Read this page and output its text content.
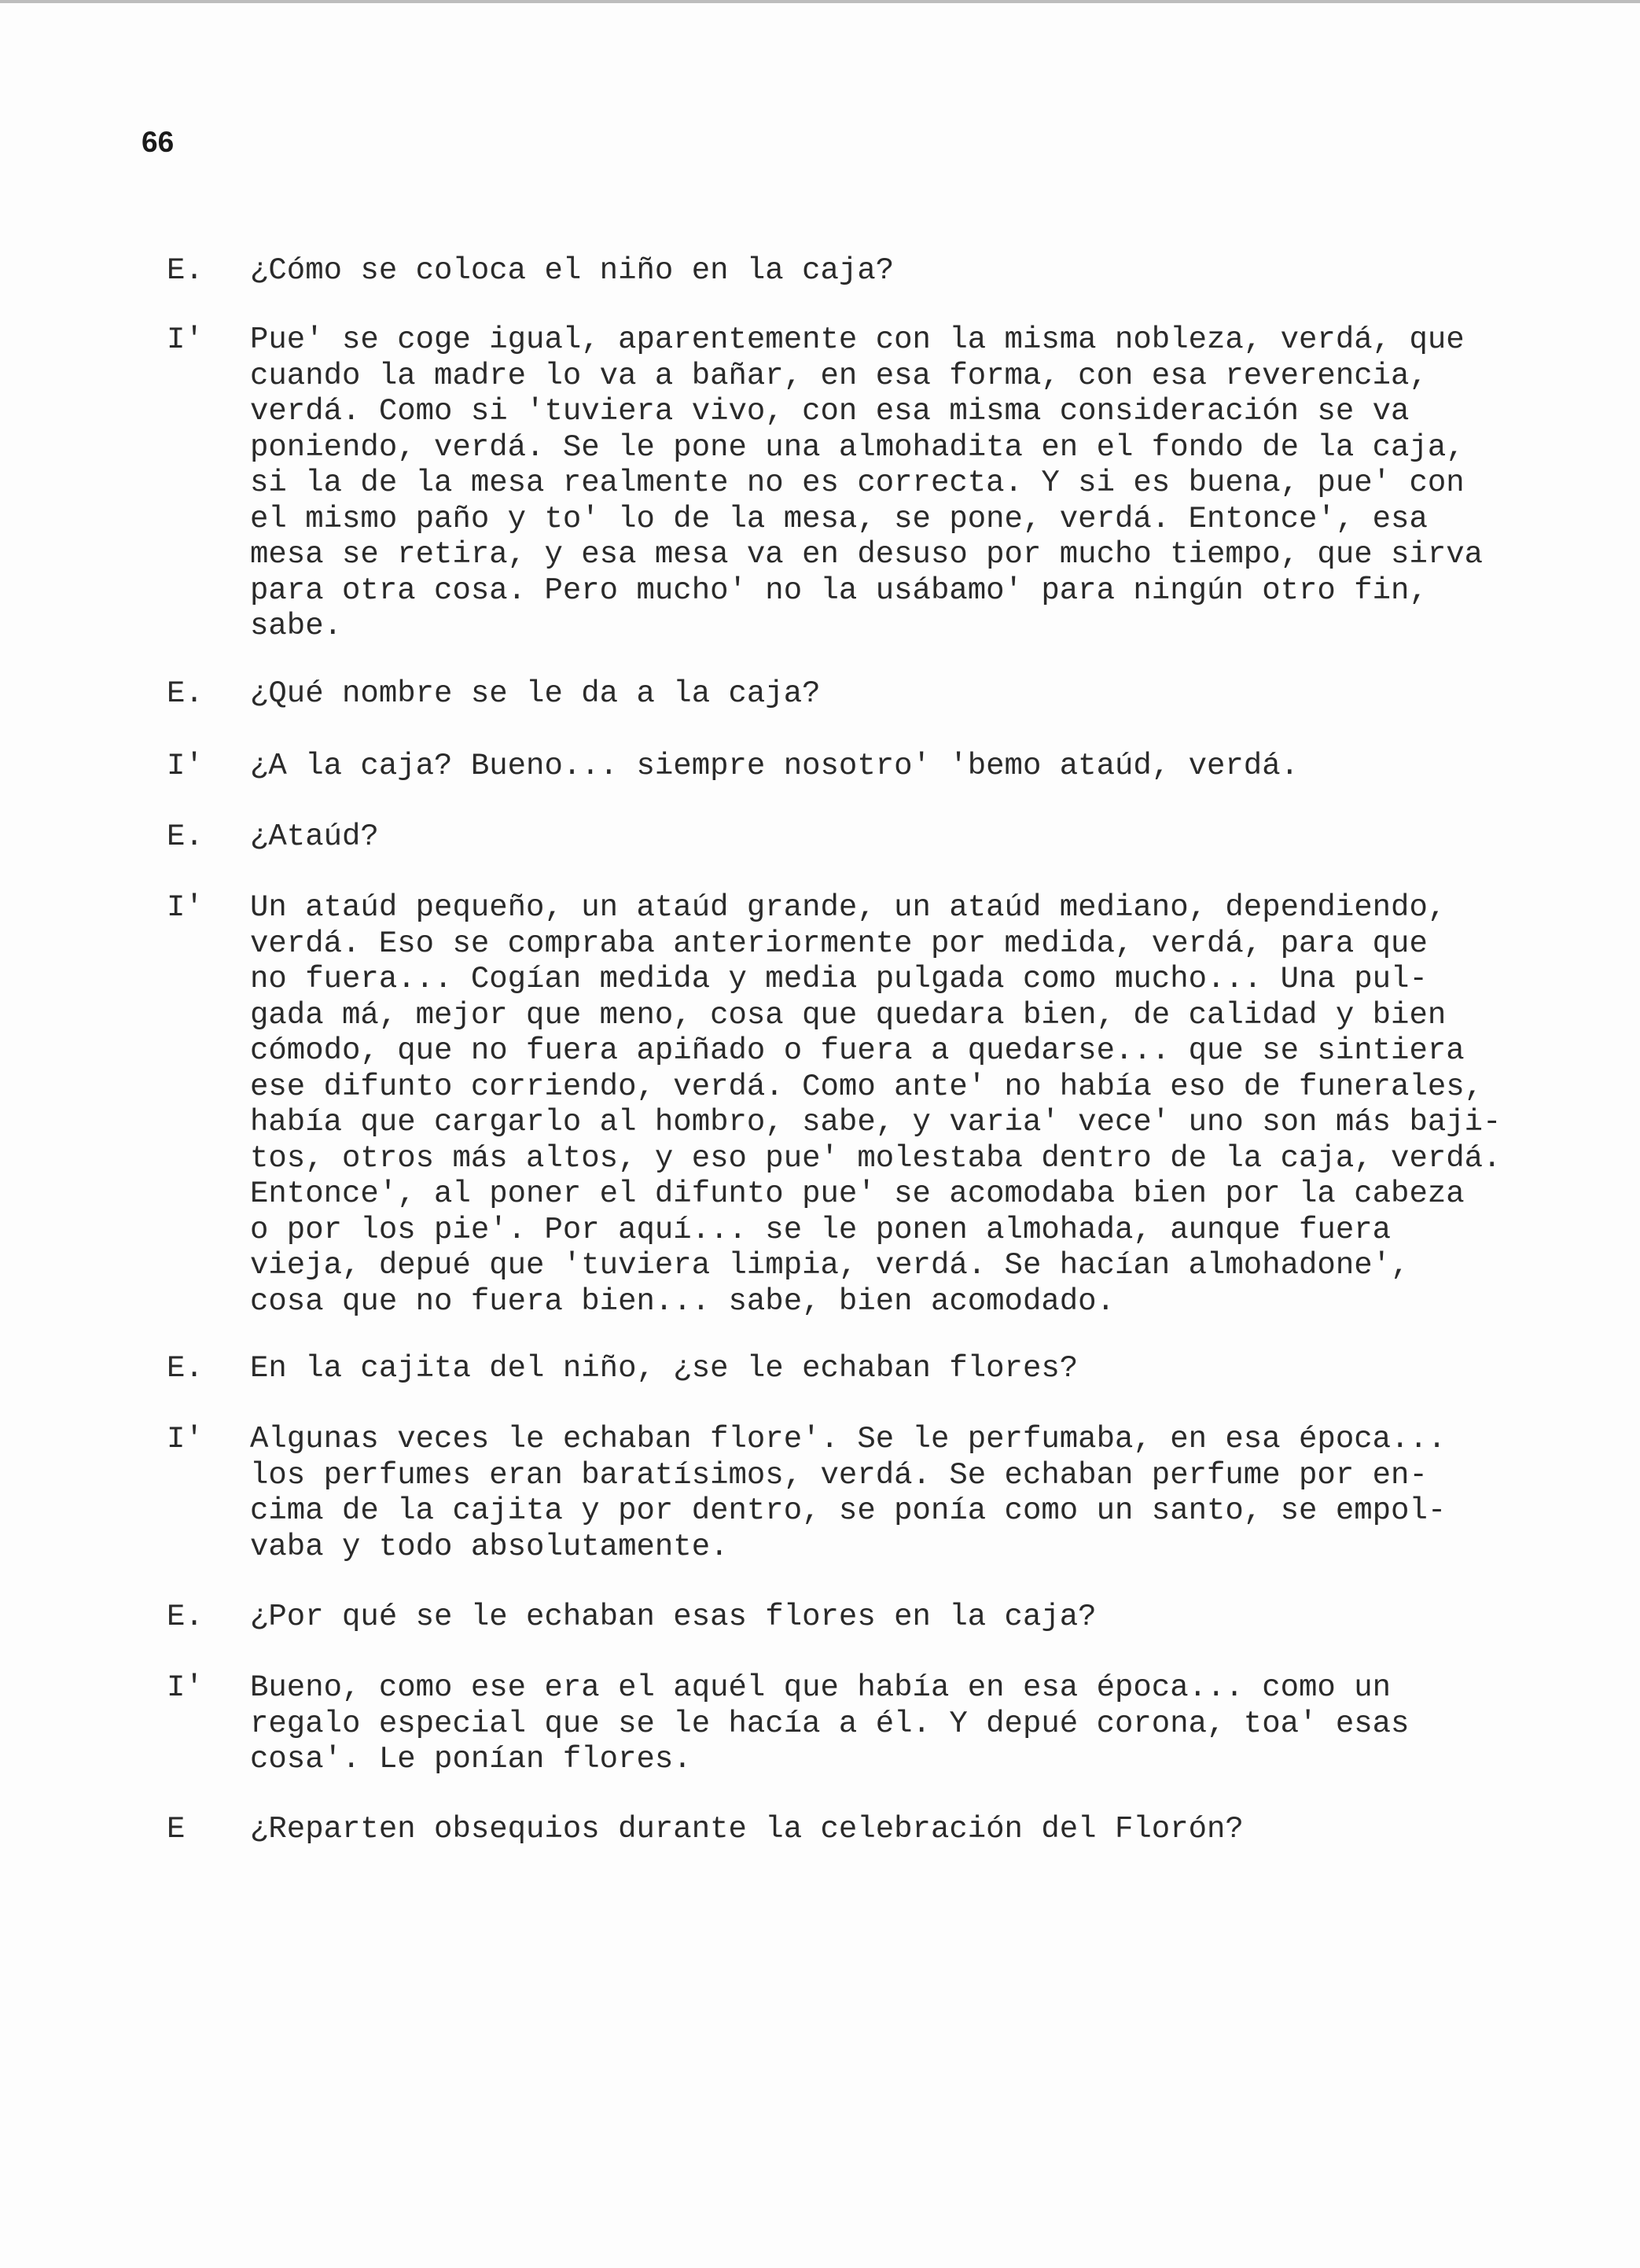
66
E. ¿Cómo se coloca el niño en la caja?
I' Pue' se coge igual, aparentemente con la misma nobleza, verdá, que
cuando la madre lo va a bañar, en esa forma, con esa reverencia,
verdá. Como si 'tuviera vivo, con esa misma consideración se va
poniendo, verdá. Se le pone una almohadita en el fondo de la caja,
si la de la mesa realmente no es correcta. Y si es buena, pue' con
el mismo paño y to' lo de la mesa, se pone, verdá. Entonce', esa
mesa se retira, y esa mesa va en desuso por mucho tiempo, que sirva
para otra cosa. Pero mucho' no la usábamo' para ningún otro fin,
sabe.
E. ¿Qué nombre se le da a la caja?
I' ¿A la caja? Bueno... siempre nosotro' 'bemo ataúd, verdá.
E. ¿Ataúd?
I' Un ataúd pequeño, un ataúd grande, un ataúd mediano, dependiendo,
verdá. Eso se compraba anteriormente por medida, verdá, para que
no fuera... Cogían medida y media pulgada como mucho... Una pul-
gada má, mejor que meno, cosa que quedara bien, de calidad y bien
cómodo, que no fuera apiñado o fuera a quedarse... que se sintiera
ese difunto corriendo, verdá. Como ante' no había eso de funerales,
había que cargarlo al hombro, sabe, y varia' vece' uno son más baji-
tos, otros más altos, y eso pue' molestaba dentro de la caja, verdá.
Entonce', al poner el difunto pue' se acomodaba bien por la cabeza
o por los pie'. Por aquí... se le ponen almohada, aunque fuera
vieja, depué que 'tuviera limpia, verdá. Se hacían almohadone',
cosa que no fuera bien... sabe, bien acomodado.
E. En la cajita del niño, ¿se le echaban flores?
I' Algunas veces le echaban flore'. Se le perfumaba, en esa época...
los perfumes eran baratísimos, verdá. Se echaban perfume por en-
cima de la cajita y por dentro, se ponía como un santo, se empol-
vaba y todo absolutamente.
E. ¿Por qué se le echaban esas flores en la caja?
I' Bueno, como ese era el aquél que había en esa época... como un
regalo especial que se le hacía a él. Y depué corona, toa' esas
cosa'. Le ponían flores.
E ¿Reparten obsequios durante la celebración del Florón?
